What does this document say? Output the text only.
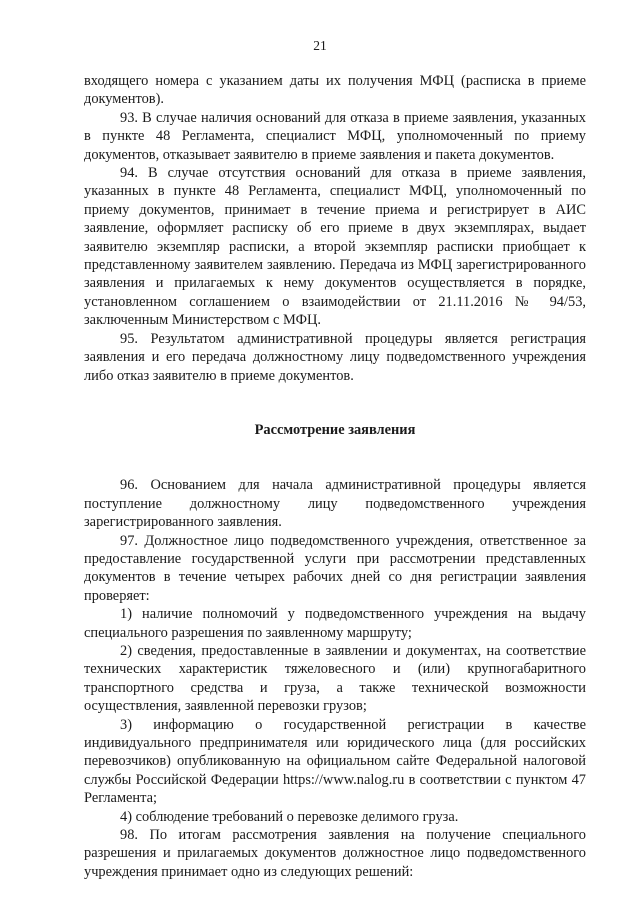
21

входящего номера с указанием даты их получения МФЦ (расписка в приеме документов).

93. В случае наличия оснований для отказа в приеме заявления, указанных в пункте 48 Регламента, специалист МФЦ, уполномоченный по приему документов, отказывает заявителю в приеме заявления и пакета документов.

94. В случае отсутствия оснований для отказа в приеме заявления, указанных в пункте 48 Регламента, специалист МФЦ, уполномоченный по приему документов, принимает в течение приема и регистрирует в АИС заявление, оформляет расписку об его приеме в двух экземплярах, выдает заявителю экземпляр расписки, а второй экземпляр расписки приобщает к представленному заявителем заявлению. Передача из МФЦ зарегистрированного заявления и прилагаемых к нему документов осуществляется в порядке, установленном соглашением о взаимодействии от 21.11.2016 № 94/53, заключенным Министерством с МФЦ.

95. Результатом административной процедуры является регистрация заявления и его передача должностному лицу подведомственного учреждения либо отказ заявителю в приеме документов.

Рассмотрение заявления

96. Основанием для начала административной процедуры является поступление должностному лицу подведомственного учреждения зарегистрированного заявления.

97. Должностное лицо подведомственного учреждения, ответственное за предоставление государственной услуги при рассмотрении представленных документов в течение четырех рабочих дней со дня регистрации заявления проверяет:

1) наличие полномочий у подведомственного учреждения на выдачу специального разрешения по заявленному маршруту;

2) сведения, предоставленные в заявлении и документах, на соответствие технических характеристик тяжеловесного и (или) крупногабаритного транспортного средства и груза, а также технической возможности осуществления, заявленной перевозки грузов;

3) информацию о государственной регистрации в качестве индивидуального предпринимателя или юридического лица (для российских перевозчиков) опубликованную на официальном сайте Федеральной налоговой службы Российской Федерации https://www.nalog.ru в соответствии с пунктом 47 Регламента;

4) соблюдение требований о перевозке делимого груза.

98. По итогам рассмотрения заявления на получение специального разрешения и прилагаемых документов должностное лицо подведомственного учреждения принимает одно из следующих решений:
